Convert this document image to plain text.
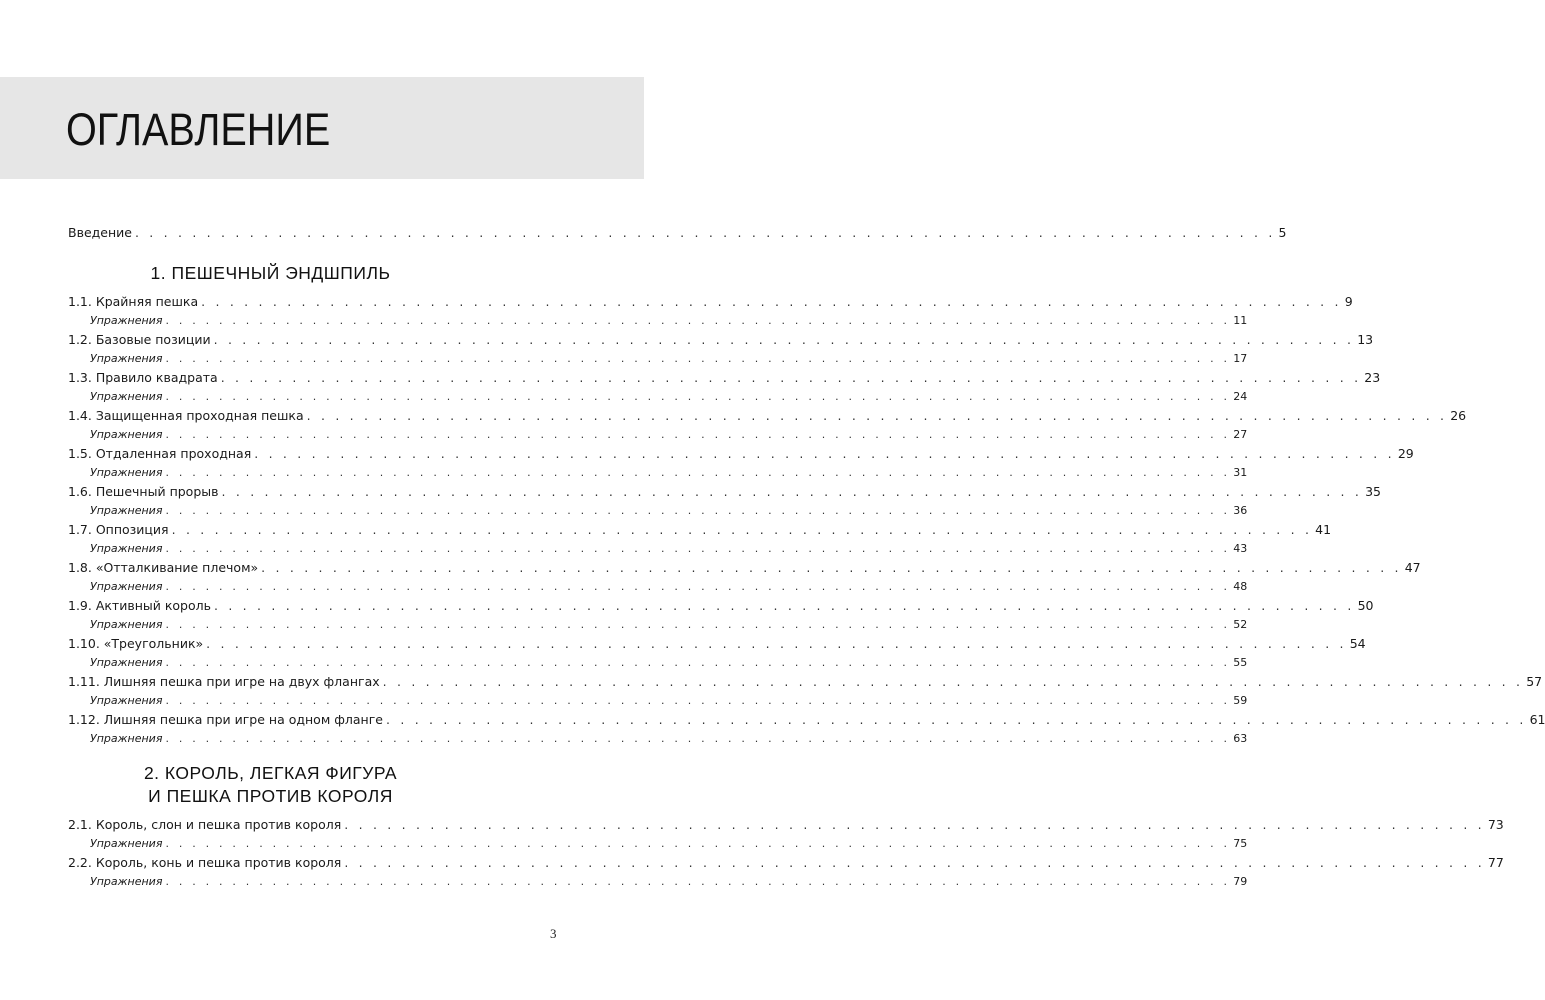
ОГЛАВЛЕНИЕ
Введение . . . . . . . . . . . . . . . . . . . . . . . . . . . . . . . . . . . . . . . . . . . . . . . . . . . . . . . . . . . . . . . . . . . . . . . . . . . . . . . . 5
1. ПЕШЕЧНЫЙ ЭНДШПИЛЬ
1.1. Крайняя пешка . . . . . . . . . . . . . . . . . . . . . . . . . . . . . . . . . . . . . . . . . . . . . . . . . . . . . . . . . . . . . . . . . . . . . . . . . . . . . . . . 9
Упражнения . . . . . . . . . . . . . . . . . . . . . . . . . . . . . . . . . . . . . . . . . . . . . . . . . . . . . . . . . . . . . . . . . . . . . . . . . . . . . . . . 11
1.2. Базовые позиции . . . . . . . . . . . . . . . . . . . . . . . . . . . . . . . . . . . . . . . . . . . . . . . . . . . . . . . . . . . . . . . . . . . . . . . . . . . . . . . . 13
Упражнения . . . . . . . . . . . . . . . . . . . . . . . . . . . . . . . . . . . . . . . . . . . . . . . . . . . . . . . . . . . . . . . . . . . . . . . . . . . . . . . . 17
1.3. Правило квадрата . . . . . . . . . . . . . . . . . . . . . . . . . . . . . . . . . . . . . . . . . . . . . . . . . . . . . . . . . . . . . . . . . . . . . . . . . . . . . . . . 23
Упражнения . . . . . . . . . . . . . . . . . . . . . . . . . . . . . . . . . . . . . . . . . . . . . . . . . . . . . . . . . . . . . . . . . . . . . . . . . . . . . . . . 24
1.4. Защищенная проходная пешка . . . . . . . . . . . . . . . . . . . . . . . . . . . . . . . . . . . . . . . . . . . . . . . . . . . . . . . . . . . . . . . . . . . . . . . . . . . . . . . . 26
Упражнения . . . . . . . . . . . . . . . . . . . . . . . . . . . . . . . . . . . . . . . . . . . . . . . . . . . . . . . . . . . . . . . . . . . . . . . . . . . . . . . . 27
1.5. Отдаленная проходная . . . . . . . . . . . . . . . . . . . . . . . . . . . . . . . . . . . . . . . . . . . . . . . . . . . . . . . . . . . . . . . . . . . . . . . . . . . . . . . . 29
Упражнения . . . . . . . . . . . . . . . . . . . . . . . . . . . . . . . . . . . . . . . . . . . . . . . . . . . . . . . . . . . . . . . . . . . . . . . . . . . . . . . . 31
1.6. Пешечный прорыв . . . . . . . . . . . . . . . . . . . . . . . . . . . . . . . . . . . . . . . . . . . . . . . . . . . . . . . . . . . . . . . . . . . . . . . . . . . . . . . . 35
Упражнения . . . . . . . . . . . . . . . . . . . . . . . . . . . . . . . . . . . . . . . . . . . . . . . . . . . . . . . . . . . . . . . . . . . . . . . . . . . . . . . . 36
1.7. Оппозиция . . . . . . . . . . . . . . . . . . . . . . . . . . . . . . . . . . . . . . . . . . . . . . . . . . . . . . . . . . . . . . . . . . . . . . . . . . . . . . . . 41
Упражнения . . . . . . . . . . . . . . . . . . . . . . . . . . . . . . . . . . . . . . . . . . . . . . . . . . . . . . . . . . . . . . . . . . . . . . . . . . . . . . . . 43
1.8. «Отталкивание плечом» . . . . . . . . . . . . . . . . . . . . . . . . . . . . . . . . . . . . . . . . . . . . . . . . . . . . . . . . . . . . . . . . . . . . . . . . . . . . . . . . 47
Упражнения . . . . . . . . . . . . . . . . . . . . . . . . . . . . . . . . . . . . . . . . . . . . . . . . . . . . . . . . . . . . . . . . . . . . . . . . . . . . . . . . 48
1.9. Активный король . . . . . . . . . . . . . . . . . . . . . . . . . . . . . . . . . . . . . . . . . . . . . . . . . . . . . . . . . . . . . . . . . . . . . . . . . . . . . . . . 50
Упражнения . . . . . . . . . . . . . . . . . . . . . . . . . . . . . . . . . . . . . . . . . . . . . . . . . . . . . . . . . . . . . . . . . . . . . . . . . . . . . . . . 52
1.10. «Треугольник» . . . . . . . . . . . . . . . . . . . . . . . . . . . . . . . . . . . . . . . . . . . . . . . . . . . . . . . . . . . . . . . . . . . . . . . . . . . . . . . . 54
Упражнения . . . . . . . . . . . . . . . . . . . . . . . . . . . . . . . . . . . . . . . . . . . . . . . . . . . . . . . . . . . . . . . . . . . . . . . . . . . . . . . . 55
1.11. Лишняя пешка при игре на двух флангах . . . . . . . . . . . . . . . . . . . . . . . . . . . . . . . . . . . . . . . . . . . . . . . . . . . . . . . . . . . . . . . . . . . . . . . . . . . . . . . . 57
Упражнения . . . . . . . . . . . . . . . . . . . . . . . . . . . . . . . . . . . . . . . . . . . . . . . . . . . . . . . . . . . . . . . . . . . . . . . . . . . . . . . . 59
1.12. Лишняя пешка при игре на одном фланге . . . . . . . . . . . . . . . . . . . . . . . . . . . . . . . . . . . . . . . . . . . . . . . . . . . . . . . . . . . . . . . . . . . . . . . . . . . . . . . . 61
Упражнения . . . . . . . . . . . . . . . . . . . . . . . . . . . . . . . . . . . . . . . . . . . . . . . . . . . . . . . . . . . . . . . . . . . . . . . . . . . . . . . . 63
2. КОРОЛЬ, ЛЕГКАЯ ФИГУРА
И ПЕШКА ПРОТИВ КОРОЛЯ
2.1. Король, слон и пешка против короля . . . . . . . . . . . . . . . . . . . . . . . . . . . . . . . . . . . . . . . . . . . . . . . . . . . . . . . . . . . . . . . . . . . . . . . . . . . . . . . . 73
Упражнения . . . . . . . . . . . . . . . . . . . . . . . . . . . . . . . . . . . . . . . . . . . . . . . . . . . . . . . . . . . . . . . . . . . . . . . . . . . . . . . . 75
2.2. Король, конь и пешка против короля . . . . . . . . . . . . . . . . . . . . . . . . . . . . . . . . . . . . . . . . . . . . . . . . . . . . . . . . . . . . . . . . . . . . . . . . . . . . . . . . 77
Упражнения . . . . . . . . . . . . . . . . . . . . . . . . . . . . . . . . . . . . . . . . . . . . . . . . . . . . . . . . . . . . . . . . . . . . . . . . . . . . . . . . 79
3
